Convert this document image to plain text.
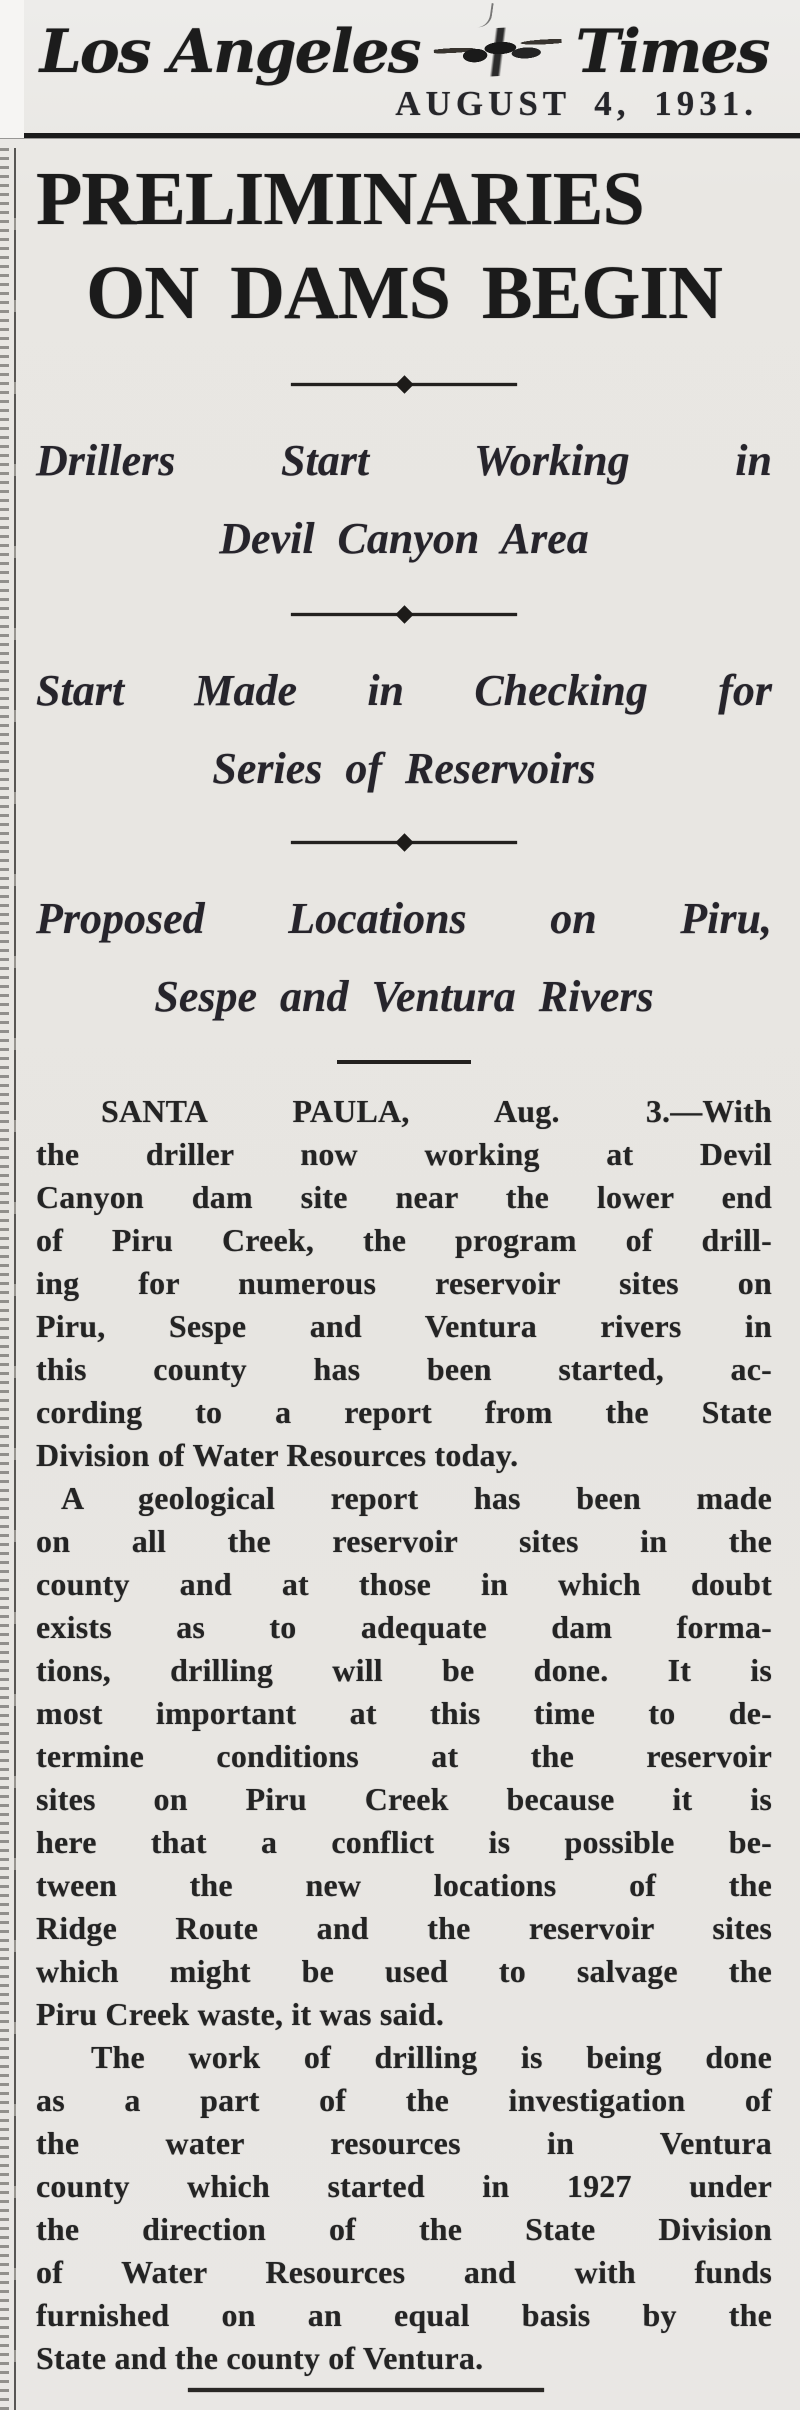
Los Angeles	Times
AUGUST 4, 1931.
PRELIMINARIES
ON DAMS BEGIN
Drillers Start Working in
Devil Canyon Area
Start Made in Checking for
Series of Reservoirs
Proposed Locations on Piru,
Sespe and Ventura Rivers
SANTA PAULA, Aug. 3.—With
the driller now working at Devil
Canyon dam site near the lower end
of Piru Creek, the program of drill-
ing for numerous reservoir sites on
Piru, Sespe and Ventura rivers in
this county has been started, ac-
cording to a report from the State
Division of Water Resources today.
A geological report has been made
on all the reservoir sites in the
county and at those in which doubt
exists as to adequate dam forma-
tions, drilling will be done. It is
most important at this time to de-
termine conditions at the reservoir
sites on Piru Creek because it is
here that a conflict is possible be-
tween the new locations of the
Ridge Route and the reservoir sites
which might be used to salvage the
Piru Creek waste, it was said.
The work of drilling is being done
as a part of the investigation of
the water resources in Ventura
county which started in 1927 under
the direction of the State Division
of Water Resources and with funds
furnished on an equal basis by the
State and the county of Ventura.
